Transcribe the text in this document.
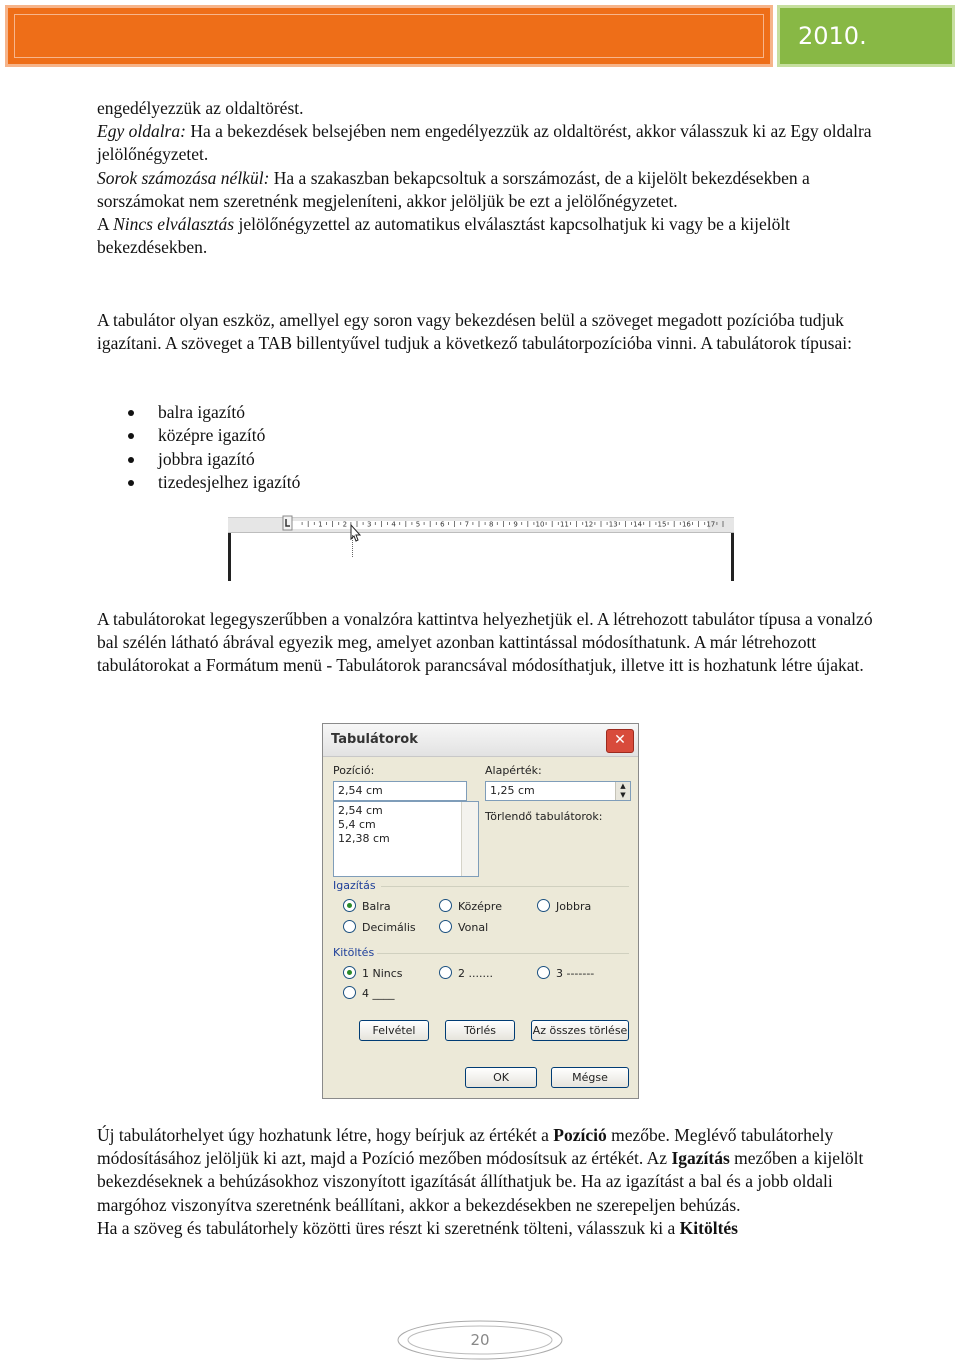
2010.

engedélyezzük az oldaltörést.

Egy oldalra: Ha a bekezdések belsejében nem engedélyezzük az oldaltörést, akkor válasszuk ki az Egy oldalra jelölőnégyzetet.

Sorok számozása nélkül: Ha a szakaszban bekapcsoltuk a sorszámozást, de a kijelölt bekezdésekben a sorszámokat nem szeretnénk megjeleníteni, akkor jelöljük be ezt a jelölőnégyzetet.

A Nincs elválasztás jelölőnégyzettel az automatikus elválasztást kapcsolhatjuk ki vagy be a kijelölt bekezdésekben.

A tabulátor olyan eszköz, amellyel egy soron vagy bekezdésen belül a szöveget megadott pozícióba tudjuk igazítani. A szöveget a TAB billentyűvel tudjuk a következő tabulátorpozícióba vinni. A tabulátorok típusai:

balra igazító
középre igazító
jobbra igazító
tizedesjelhez igazító
1	2	3	4	5	6	7	8	9	10 11 12 13 14 15 16 17

A tabulátorokat legegyszerűbben a vonalzóra kattintva helyezhetjük el. A létrehozott tabulátor típusa a vonalzó bal szélén látható ábrával egyezik meg, amelyet azonban kattintással módosíthatunk. A már létrehozott tabulátorokat a Formátum menü - Tabulátorok parancsával módosíthatjuk, illetve itt is hozhatunk létre újakat.

Tabulátorok	✕
Pozíció:
2,54 cm
2,54 cm
5,4 cm
12,38 cm
Alapérték:
1,25 cm	▲
▼
Törlendő tabulátorok:
Igazítás
Balra	Középre	Jobbra
Decimális	Vonal
Kitöltés
1 Nincs	2 .......	3 -------
4 ____
Felvétel	Törlés	Az összes törlése
OK	Mégse

Új tabulátorhelyet úgy hozhatunk létre, hogy beírjuk az értékét a Pozíció mezőbe. Meglévő tabulátorhely módosításához jelöljük ki azt, majd a Pozíció mezőben módosítsuk az értékét. Az Igazítás mezőben a kijelölt bekezdéseknek a behúzásokhoz viszonyított igazítását állíthatjuk be. Ha az igazítást a bal és a jobb oldali margóhoz viszonyítva szeretnénk beállítani, akkor a bekezdésekben ne szerepeljen behúzás.

Ha a szöveg és tabulátorhely közötti üres részt ki szeretnénk tölteni, válasszuk ki a Kitöltés

20
